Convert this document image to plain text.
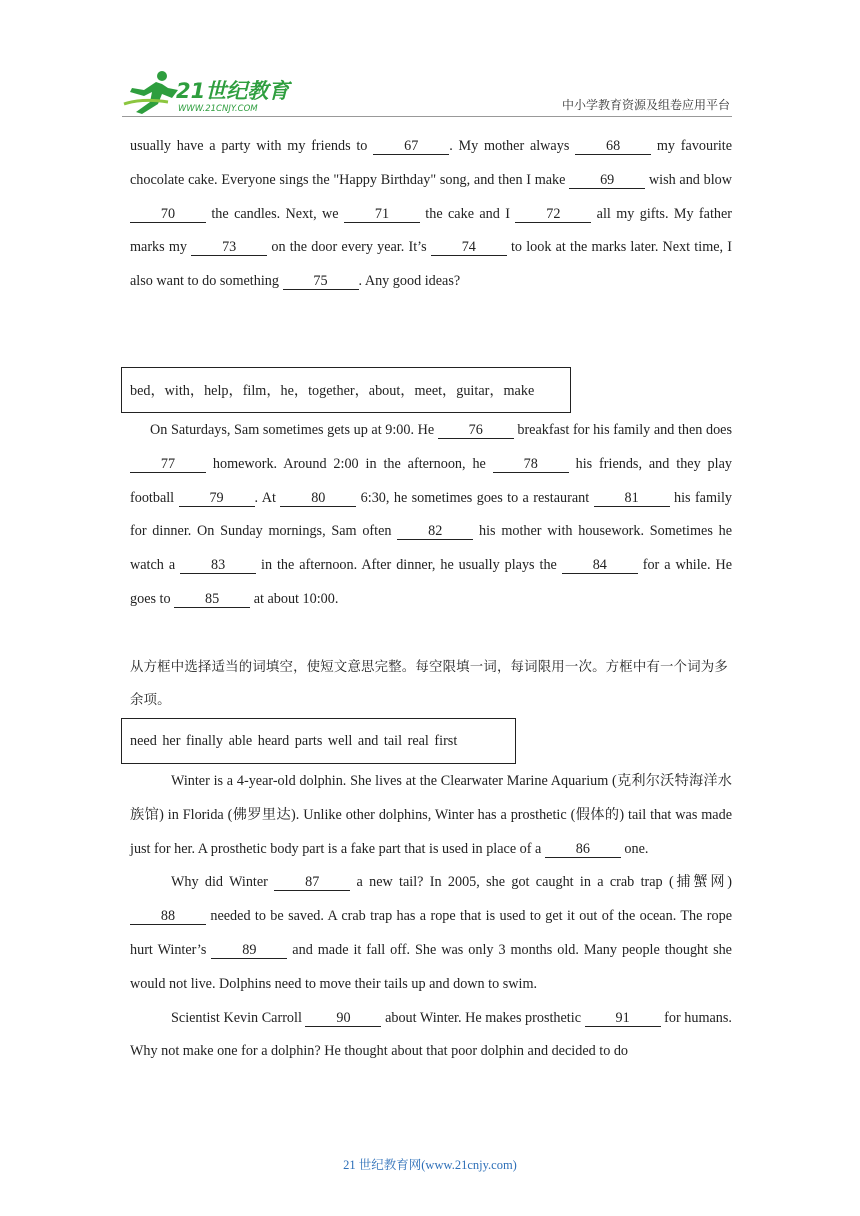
21世纪教育
WWW.21CNJY.COM	中小学教育资源及组卷应用平台

usually have a party with my friends to 67 . My mother always 68 my favourite chocolate cake. Everyone sings the "Happy Birthday" song, and then I make 69 wish and blow 70 the candles. Next, we 71 the cake and I 72 all my gifts. My father marks my 73 on the door every year. It’s 74 to look at the marks later. Next time, I also want to do something 75 . Any good ideas?

bed，with，help，film，he，together，about，meet，guitar，make

On Saturdays, Sam sometimes gets up at 9:00. He 76 breakfast for his family and then does 77 homework. Around 2:00 in the afternoon, he 78 his friends, and they play football 79 . At 80 6:30, he sometimes goes to a restaurant 81 his family for dinner. On Sunday mornings, Sam often 82 his mother with housework. Sometimes he watch a 83 in the afternoon. After dinner, he usually plays the 84 for a while. He goes to 85 at about 10:00.

从方框中选择适当的词填空，使短文意思完整。每空限填一词，每词限用一次。方框中有一个词为多余项。
need her finally able heard parts well and tail real first

Winter is a 4-year-old dolphin. She lives at the Clearwater Marine Aquarium (克利尔沃特海洋水族馆) in Florida (佛罗里达). Unlike other dolphins, Winter has a prosthetic (假体的) tail that was made just for her. A prosthetic body part is a fake part that is used in place of a 86 one.

Why did Winter 87 a new tail? In 2005, she got caught in a crab trap (捕蟹网) 88 needed to be saved. A crab trap has a rope that is used to get it out of the ocean. The rope hurt Winter’s 89 and made it fall off. She was only 3 months old. Many people thought she would not live. Dolphins need to move their tails up and down to swim.

Scientist Kevin Carroll 90 about Winter. He makes prosthetic 91 for humans. Why not make one for a dolphin? He thought about that poor dolphin and decided to do

21 世纪教育网(www.21cnjy.com)
